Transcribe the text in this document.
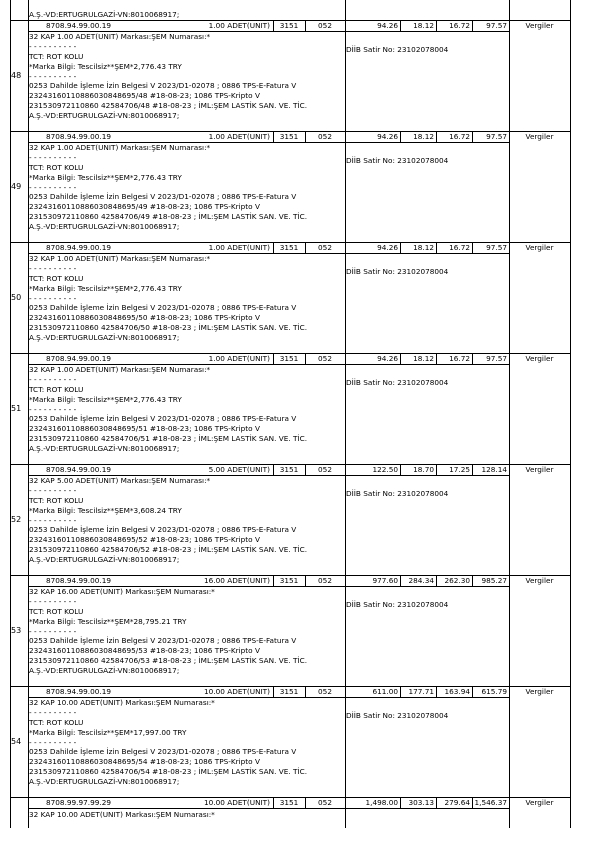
A.Ş.-VD:ERTUGRULGAZİ-VN:8010068917;
48
8708.94.99.00.19	1.00 ADET(UNIT)	3151	052	94.26	18.12	16.72	97.57	Vergiler
DİİB Satir No: 23102078004
32 KAP 1.00 ADET(UNIT) Markası:ŞEM Numarası:*
- - - - - - - - - -
TCT: ROT KOLU
*Marka Bilgi: Tescilsiz**ŞEM*2,776.43 TRY
- - - - - - - - - -
0253 Dahilde İşleme İzin Belgesi V 2023/D1-02078 ; 0886 TPS-E-Fatura V
23243160110886030848695/48 #18-08-23; 1086 TPS-Kripto V
231530972110860 42584706/48 #18-08-23 ; İML:ŞEM LASTİK SAN. VE. TİC.
A.Ş.-VD:ERTUGRULGAZİ-VN:8010068917;
49
8708.94.99.00.19	1.00 ADET(UNIT)	3151	052	94.26	18.12	16.72	97.57	Vergiler
DİİB Satir No: 23102078004
32 KAP 1.00 ADET(UNIT) Markası:ŞEM Numarası:*
- - - - - - - - - -
TCT: ROT KOLU
*Marka Bilgi: Tescilsiz**ŞEM*2,776.43 TRY
- - - - - - - - - -
0253 Dahilde İşleme İzin Belgesi V 2023/D1-02078 ; 0886 TPS-E-Fatura V
23243160110886030848695/49 #18-08-23; 1086 TPS-Kripto V
231530972110860 42584706/49 #18-08-23 ; İML:ŞEM LASTİK SAN. VE. TİC.
A.Ş.-VD:ERTUGRULGAZİ-VN:8010068917;
50
8708.94.99.00.19	1.00 ADET(UNIT)	3151	052	94.26	18.12	16.72	97.57	Vergiler
DİİB Satir No: 23102078004
32 KAP 1.00 ADET(UNIT) Markası:ŞEM Numarası:*
- - - - - - - - - -
TCT: ROT KOLU
*Marka Bilgi: Tescilsiz**ŞEM*2,776.43 TRY
- - - - - - - - - -
0253 Dahilde İşleme İzin Belgesi V 2023/D1-02078 ; 0886 TPS-E-Fatura V
23243160110886030848695/50 #18-08-23; 1086 TPS-Kripto V
231530972110860 42584706/50 #18-08-23 ; İML:ŞEM LASTİK SAN. VE. TİC.
A.Ş.-VD:ERTUGRULGAZİ-VN:8010068917;
51
8708.94.99.00.19	1.00 ADET(UNIT)	3151	052	94.26	18.12	16.72	97.57	Vergiler
DİİB Satir No: 23102078004
32 KAP 1.00 ADET(UNIT) Markası:ŞEM Numarası:*
- - - - - - - - - -
TCT: ROT KOLU
*Marka Bilgi: Tescilsiz**ŞEM*2,776.43 TRY
- - - - - - - - - -
0253 Dahilde İşleme İzin Belgesi V 2023/D1-02078 ; 0886 TPS-E-Fatura V
23243160110886030848695/51 #18-08-23; 1086 TPS-Kripto V
231530972110860 42584706/51 #18-08-23 ; İML:ŞEM LASTİK SAN. VE. TİC.
A.Ş.-VD:ERTUGRULGAZİ-VN:8010068917;
52
8708.94.99.00.19	5.00 ADET(UNIT)	3151	052	122.50	18.70	17.25	128.14	Vergiler
DİİB Satir No: 23102078004
32 KAP 5.00 ADET(UNIT) Markası:ŞEM Numarası:*
- - - - - - - - - -
TCT: ROT KOLU
*Marka Bilgi: Tescilsiz**ŞEM*3,608.24 TRY
- - - - - - - - - -
0253 Dahilde İşleme İzin Belgesi V 2023/D1-02078 ; 0886 TPS-E-Fatura V
23243160110886030848695/52 #18-08-23; 1086 TPS-Kripto V
231530972110860 42584706/52 #18-08-23 ; İML:ŞEM LASTİK SAN. VE. TİC.
A.Ş.-VD:ERTUGRULGAZİ-VN:8010068917;
53
8708.94.99.00.19	16.00 ADET(UNIT)	3151	052	977.60	284.34	262.30	985.27	Vergiler
DİİB Satir No: 23102078004
32 KAP 16.00 ADET(UNIT) Markası:ŞEM Numarası:*
- - - - - - - - - -
TCT: ROT KOLU
*Marka Bilgi: Tescilsiz**ŞEM*28,795.21 TRY
- - - - - - - - - -
0253 Dahilde İşleme İzin Belgesi V 2023/D1-02078 ; 0886 TPS-E-Fatura V
23243160110886030848695/53 #18-08-23; 1086 TPS-Kripto V
231530972110860 42584706/53 #18-08-23 ; İML:ŞEM LASTİK SAN. VE. TİC.
A.Ş.-VD:ERTUGRULGAZİ-VN:8010068917;
54
8708.94.99.00.19	10.00 ADET(UNIT)	3151	052	611.00	177.71	163.94	615.79	Vergiler
DİİB Satir No: 23102078004
32 KAP 10.00 ADET(UNIT) Markası:ŞEM Numarası:*
- - - - - - - - - -
TCT: ROT KOLU
*Marka Bilgi: Tescilsiz**ŞEM*17,997.00 TRY
- - - - - - - - - -
0253 Dahilde İşleme İzin Belgesi V 2023/D1-02078 ; 0886 TPS-E-Fatura V
23243160110886030848695/54 #18-08-23; 1086 TPS-Kripto V
231530972110860 42584706/54 #18-08-23 ; İML:ŞEM LASTİK SAN. VE. TİC.
A.Ş.-VD:ERTUGRULGAZİ-VN:8010068917;
8708.99.97.99.29	10.00 ADET(UNIT)	3151	052	1,498.00	303.13	279.64 1,546.37	Vergiler
32 KAP 10.00 ADET(UNIT) Markası:ŞEM Numarası:*
